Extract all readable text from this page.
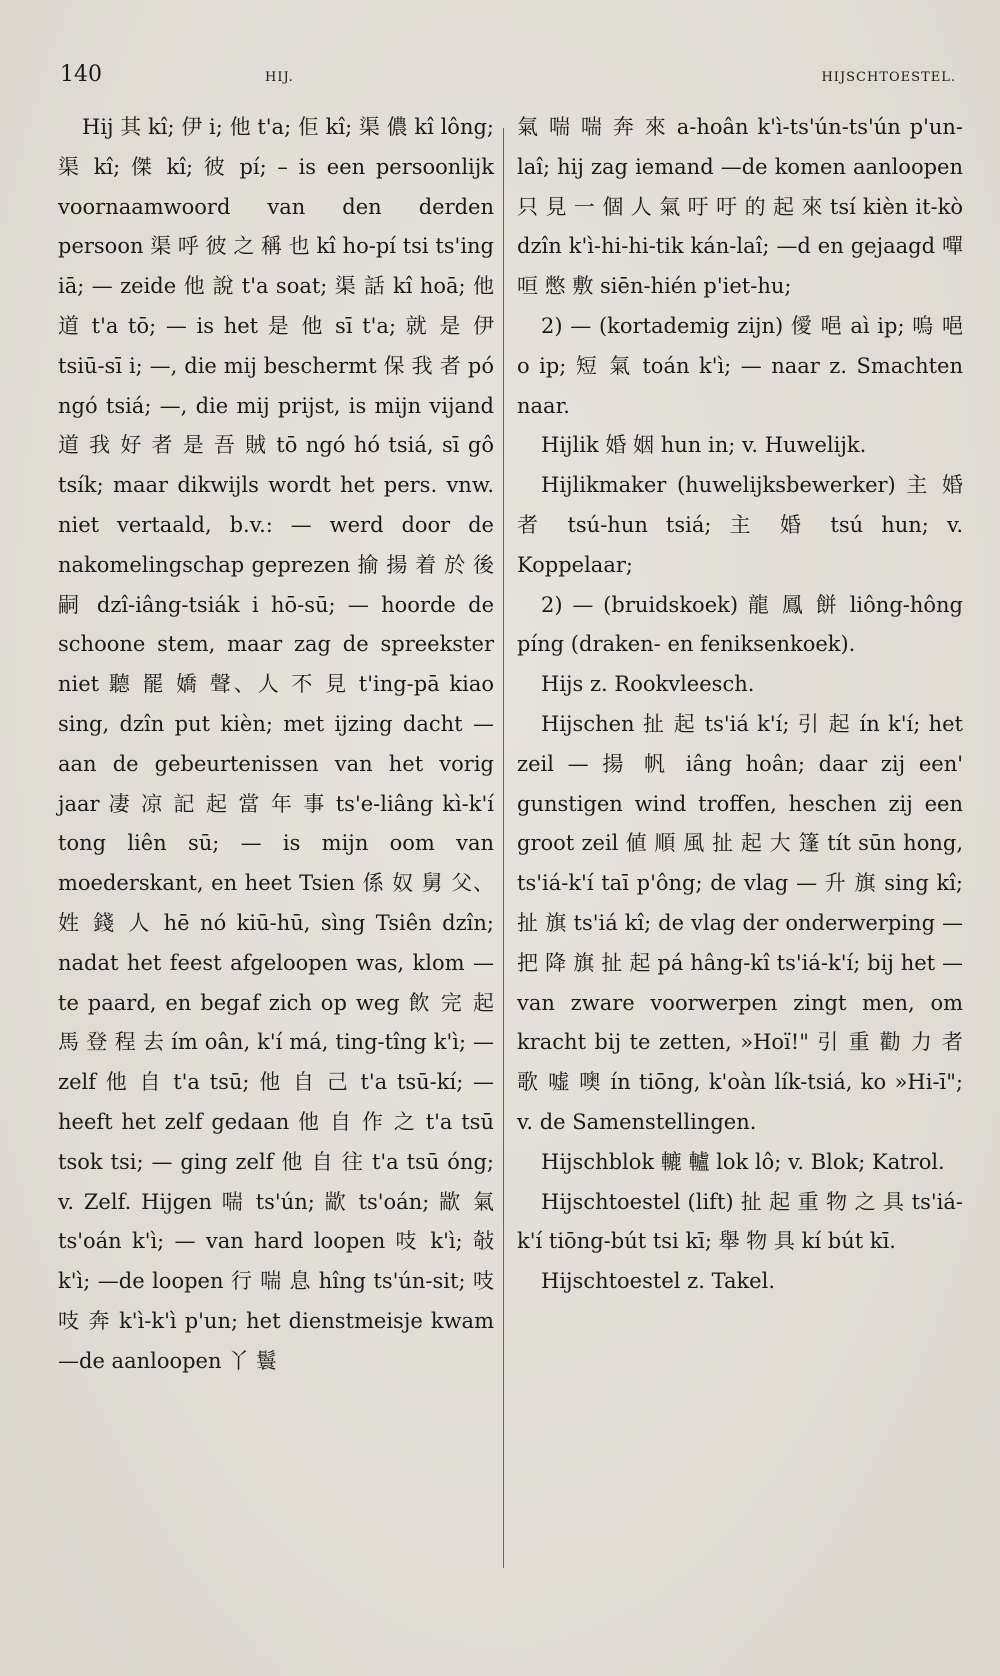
140	HIJ.	HIJSCHTOESTEL.

Hij 其 kî; 伊 i; 他 t'a; 佢 kî; 渠 儂 kî lông; 渠 kî; 傑 kî; 彼 pí; – is een persoonlijk voornaamwoord van den derden persoon 渠 呼 彼 之 稱 也 kî ho-pí tsi ts'ing iā; — zeide 他 說 t'a soat; 渠 話 kî hoā; 他 道 t'a tō; — is het 是 他 sī t'a; 就 是 伊 tsiū-sī i; —, die mij beschermt 保 我 者 pó ngó tsiá; —, die mij prijst, is mijn vijand 道 我 好 者 是 吾 賊 tō ngó hó tsiá, sī gô tsík; maar dikwijls wordt het pers. vnw. niet vertaald, b.v.: — werd door de nakomelingschap geprezen 揄 揚 着 於 後 嗣 dzî-iâng-tsiák i hō-sū; — hoorde de schoone stem, maar zag de spreekster niet 聽 罷 嬌 聲、人 不 見 t'ing-pā kiao sing, dzîn put kièn; met ijzing dacht — aan de gebeurtenissen van het vorig jaar 凄 凉 記 起 當 年 事 ts'e-liâng kì-k'í tong liên sū; — is mijn oom van moederskant, en heet Tsien 係 奴 舅 父、姓 錢 人 hē nó kiū-hū, sìng Tsiên dzîn; nadat het feest afgeloopen was, klom — te paard, en begaf zich op weg 飲 完 起 馬 登 程 去 ím oân, k'í má, ting-tîng k'ì; — zelf 他 自 t'a tsū; 他 自 己 t'a tsū-kí; — heeft het zelf gedaan 他 自 作 之 t'a tsū tsok tsi; — ging zelf 他 自 往 t'a tsū óng; v. Zelf. Hijgen 喘 ts'ún; 歂 ts'oán; 歂 氣 ts'oán k'ì; — van hard loopen 吱 k'ì; 敧 k'ì; —de loopen 行 喘 息 hîng ts'ún-sit; 吱 吱 奔 k'ì-k'ì p'un; het dienstmeisje kwam —de aanloopen 丫 鬟

氣 喘 喘 奔 來 a-hoân k'ì-ts'ún-ts'ún p'un-laî; hij zag iemand —de komen aanloopen 只 見 一 個 人 氣 吁 吁 的 起 來 tsí kièn it-kò dzîn k'ì-hi-hi-tik kán-laî; —d en gejaagd 嘽 咺 憋 敷 siēn-hién p'iet-hu;

2) — (kortademig zijn) 僾 唈 aì ip; 嗚 唈 o ip; 短 氣 toán k'ì; — naar z. Smachten naar.

Hijlik 婚 姻 hun in; v. Huwelijk.

Hijlikmaker (huwelijksbewerker) 主 婚 者 tsú-hun tsiá; 主 婚 tsú hun; v. Koppelaar;

2) — (bruidskoek) 龍 鳳 餅 liông-hông píng (draken- en feniksenkoek).

Hijs z. Rookvleesch.

Hijschen 扯 起 ts'iá k'í; 引 起 ín k'í; het zeil — 揚 帆 iâng hoân; daar zij een' gunstigen wind troffen, heschen zij een groot zeil 値 順 風 扯 起 大 篷 tít sūn hong, ts'iá-k'í taī p'ông; de vlag — 升 旗 sing kî; 扯 旗 ts'iá kî; de vlag der onderwerping — 把 降 旗 扯 起 pá hâng-kî ts'iá-k'í; bij het — van zware voorwerpen zingt men, om kracht bij te zetten, »Hoï!" 引 重 勸 力 者 歌 嘘 噢 ín tiōng, k'oàn lík-tsiá, ko »Hi-ī"; v. de Samenstellingen.

Hijschblok 轆 轤 lok lô; v. Blok; Katrol.

Hijschtoestel (lift) 扯 起 重 物 之 具 ts'iá-k'í tiōng-bút tsi kī; 舉 物 具 kí bút kī.

Hijschtoestel z. Takel.
